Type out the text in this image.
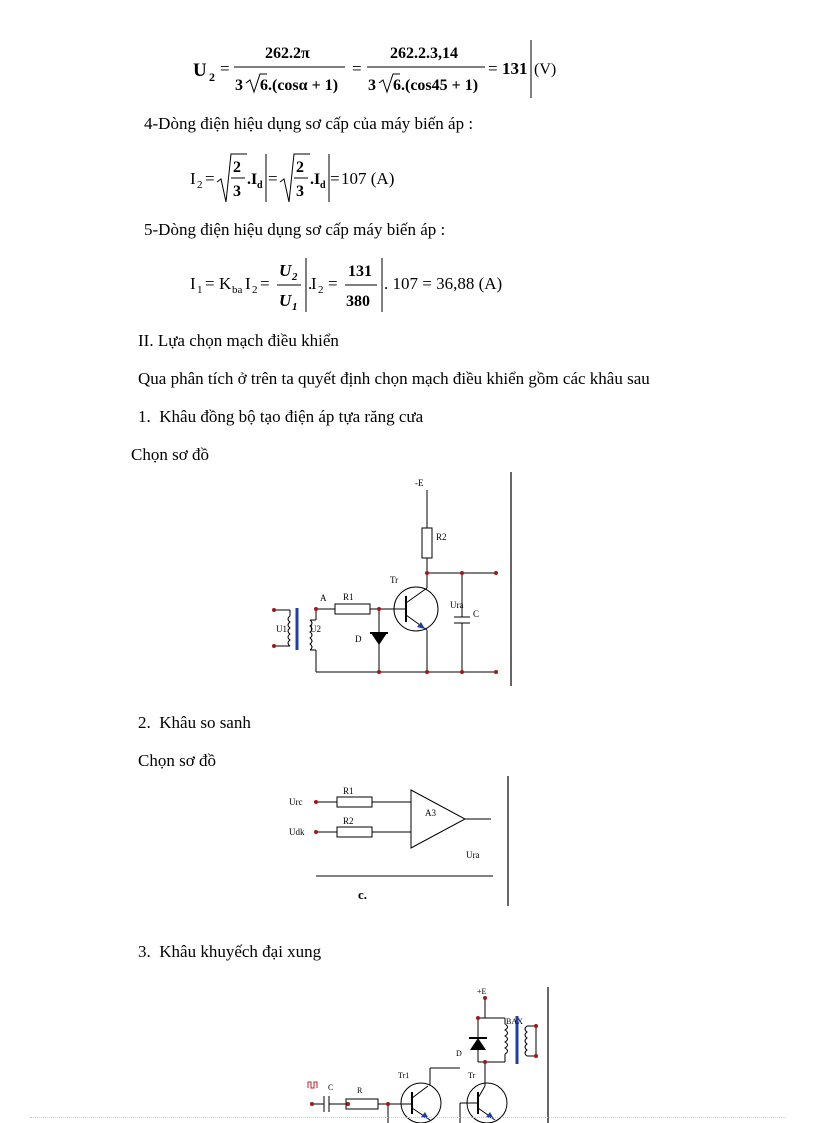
U 2 =
262.2π
3 6.(cosα + 1)
=
262.2.3,14
3 6.(cos45 + 1)
= 131 (V)
4-Dòng điện hiệu dụng sơ cấp của máy biến áp :
I 2 =
2
3
. I d =
2
3
. I d = 107 (A)
5-Dòng điện hiệu dụng sơ cấp máy biến áp :
I 1 = K ba I 2 =
U 2
U 1
.
I 2 =
131
380
. 107 = 36,88 (A)
II. Lựa chọn mạch điều khiển
Qua phân tích ở trên ta quyết định chọn mạch điều khiển gồm các khâu sau
1. Khâu đồng bộ tạo điện áp tựa răng cưa
Chọn sơ đồ
-E
R2
Tr
A R1
D
Ura
C
U1	U2
2. Khâu so sanh
Chọn sơ đồ
Urc
Udk
R1
R2
A3
Ura
c.
3. Khâu khuyếch đại xung
+E
BAX
D
Tr1	Tr
C	R
